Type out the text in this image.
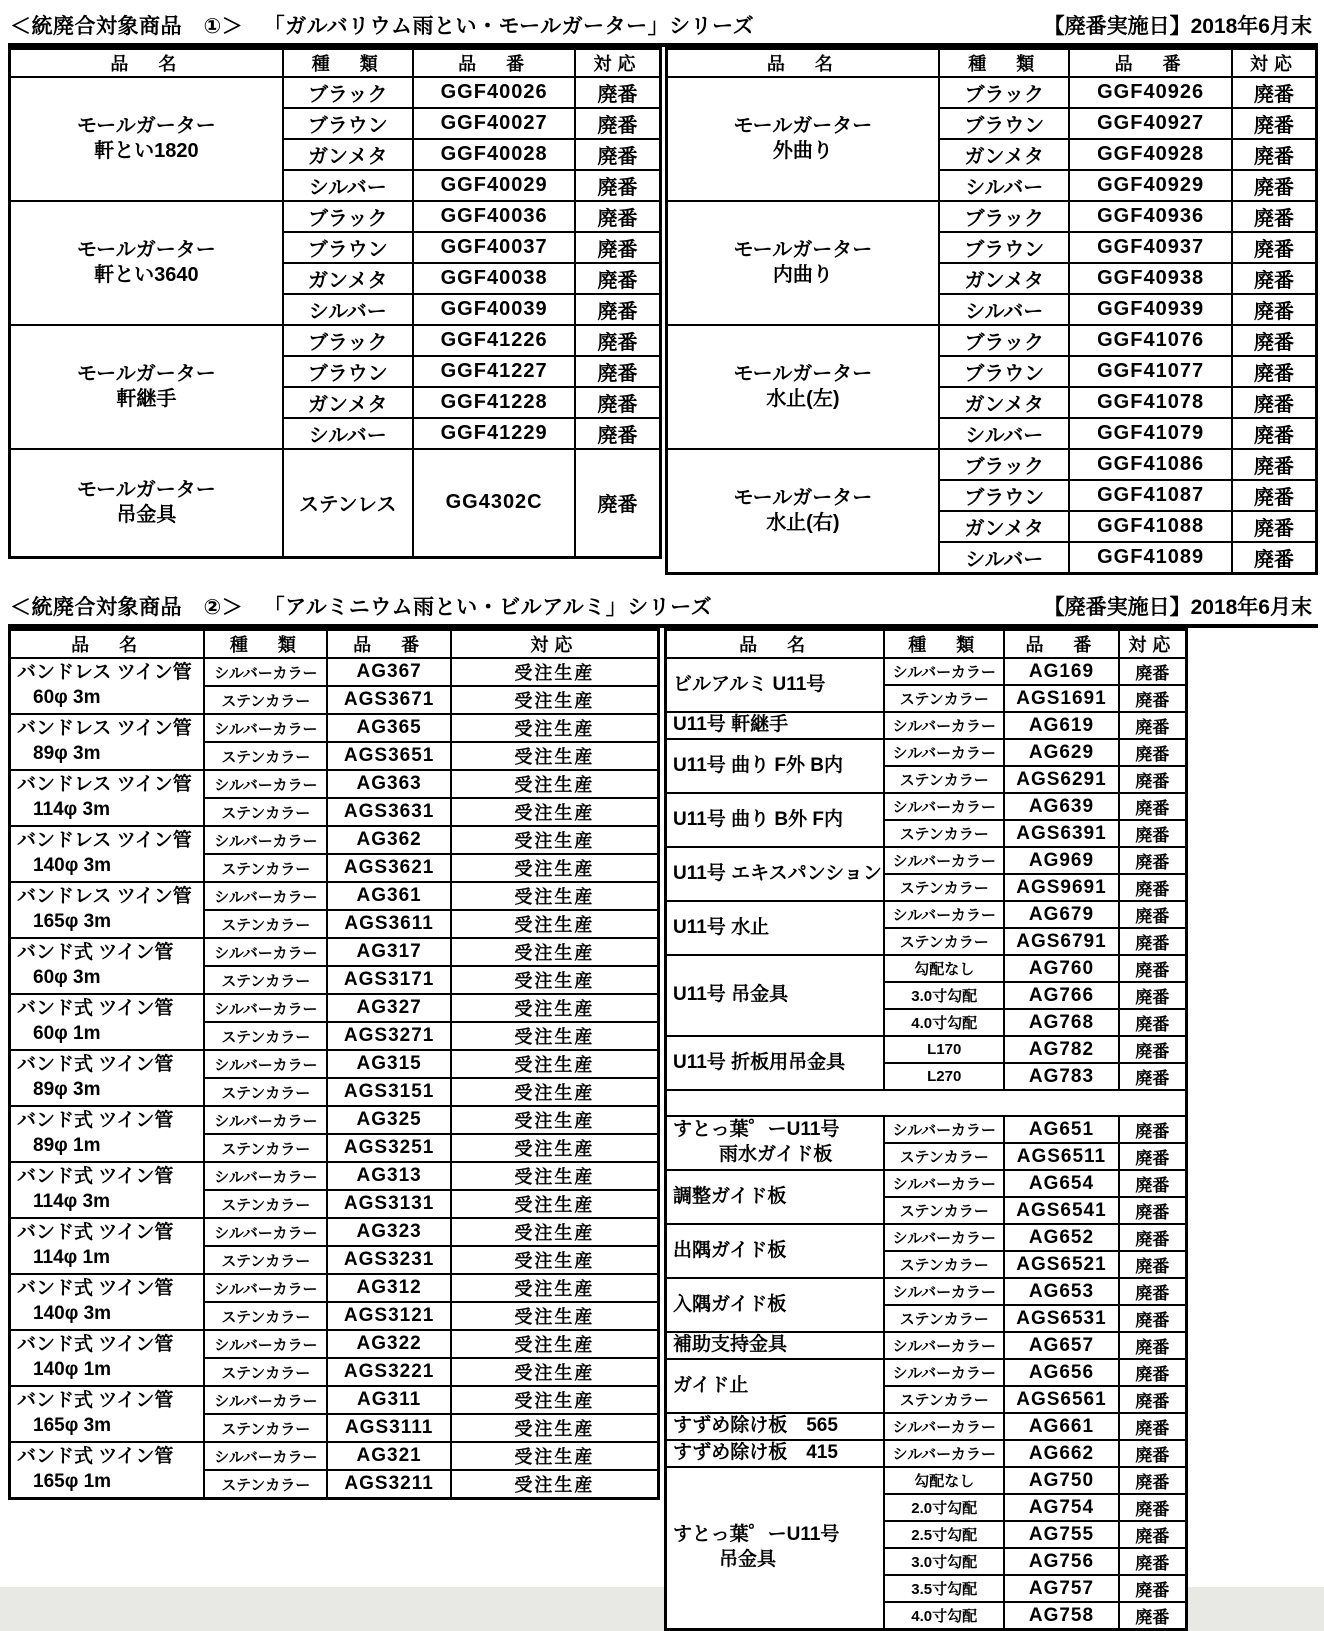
＜統廃合対象商品　①＞ 「ガルバリウム雨とい・モールガーター」シリーズ	【廃番実施日】2018年6月末
品　名	種　類	品　番	対応

モールガーター
軒とい1820	ブラック	GGF40026	廃番
	ブラウン	GGF40027	廃番
	ガンメタ	GGF40028	廃番
	シルバー	GGF40029	廃番

モールガーター
軒とい3640	ブラック	GGF40036	廃番
	ブラウン	GGF40037	廃番
	ガンメタ	GGF40038	廃番
	シルバー	GGF40039	廃番

モールガーター
軒継手	ブラック	GGF41226	廃番
	ブラウン	GGF41227	廃番
	ガンメタ	GGF41228	廃番
	シルバー	GGF41229	廃番

モールガーター
吊金具	ステンレス	GG4302C	廃番
品　名	種　類	品　番	対応

モールガーター
外曲り	ブラック	GGF40926	廃番
	ブラウン	GGF40927	廃番
	ガンメタ	GGF40928	廃番
	シルバー	GGF40929	廃番

モールガーター
内曲り	ブラック	GGF40936	廃番
	ブラウン	GGF40937	廃番
	ガンメタ	GGF40938	廃番
	シルバー	GGF40939	廃番

モールガーター
水止(左)	ブラック	GGF41076	廃番
	ブラウン	GGF41077	廃番
	ガンメタ	GGF41078	廃番
	シルバー	GGF41079	廃番

モールガーター
水止(右)	ブラック	GGF41086	廃番
	ブラウン	GGF41087	廃番
	ガンメタ	GGF41088	廃番
	シルバー	GGF41089	廃番
＜統廃合対象商品　②＞ 「アルミニウム雨とい・ビルアルミ」シリーズ	【廃番実施日】2018年6月末
品　名	種　類	品　番	対応

バンドレス ツイン管
60φ 3m	シルバーカラー	AG367	受注生産
	ステンカラー	AGS3671	受注生産

バンドレス ツイン管
89φ 3m	シルバーカラー	AG365	受注生産
	ステンカラー	AGS3651	受注生産

バンドレス ツイン管
114φ 3m	シルバーカラー	AG363	受注生産
	ステンカラー	AGS3631	受注生産

バンドレス ツイン管
140φ 3m	シルバーカラー	AG362	受注生産
	ステンカラー	AGS3621	受注生産

バンドレス ツイン管
165φ 3m	シルバーカラー	AG361	受注生産
	ステンカラー	AGS3611	受注生産

バンド式 ツイン管
60φ 3m	シルバーカラー	AG317	受注生産
	ステンカラー	AGS3171	受注生産

バンド式 ツイン管
60φ 1m	シルバーカラー	AG327	受注生産
	ステンカラー	AGS3271	受注生産

バンド式 ツイン管
89φ 3m	シルバーカラー	AG315	受注生産
	ステンカラー	AGS3151	受注生産

バンド式 ツイン管
89φ 1m	シルバーカラー	AG325	受注生産
	ステンカラー	AGS3251	受注生産

バンド式 ツイン管
114φ 3m	シルバーカラー	AG313	受注生産
	ステンカラー	AGS3131	受注生産

バンド式 ツイン管
114φ 1m	シルバーカラー	AG323	受注生産
	ステンカラー	AGS3231	受注生産

バンド式 ツイン管
140φ 3m	シルバーカラー	AG312	受注生産
	ステンカラー	AGS3121	受注生産

バンド式 ツイン管
140φ 1m	シルバーカラー	AG322	受注生産
	ステンカラー	AGS3221	受注生産

バンド式 ツイン管
165φ 3m	シルバーカラー	AG311	受注生産
	ステンカラー	AGS3111	受注生産

バンド式 ツイン管
165φ 1m	シルバーカラー	AG321	受注生産
	ステンカラー	AGS3211	受注生産
品　名	種　類	品　番	対応

ビルアルミ U11号	シルバーカラー	AG169	廃番
	ステンカラー	AGS1691	廃番

U11号 軒継手	シルバーカラー	AG619	廃番

U11号 曲り F外 B内	シルバーカラー	AG629	廃番
	ステンカラー	AGS6291	廃番

U11号 曲り B外 F内	シルバーカラー	AG639	廃番
	ステンカラー	AGS6391	廃番

U11号 エキスパンション	シルバーカラー	AG969	廃番
	ステンカラー	AGS9691	廃番

U11号 水止	シルバーカラー	AG679	廃番
	ステンカラー	AGS6791	廃番

U11号 吊金具	勾配なし	AG760	廃番
	3.0寸勾配	AG766	廃番
	4.0寸勾配	AG768	廃番

U11号 折板用吊金具	L170	AG782	廃番
	L270	AG783	廃番

すとっ葉゜ーU11号
雨水ガイド板	シルバーカラー	AG651	廃番
	ステンカラー	AGS6511	廃番

調整ガイド板	シルバーカラー	AG654	廃番
	ステンカラー	AGS6541	廃番

出隅ガイド板	シルバーカラー	AG652	廃番
	ステンカラー	AGS6521	廃番

入隅ガイド板	シルバーカラー	AG653	廃番
	ステンカラー	AGS6531	廃番

補助支持金具	シルバーカラー	AG657	廃番

ガイド止	シルバーカラー	AG656	廃番
	ステンカラー	AGS6561	廃番

すずめ除け板　565	シルバーカラー	AG661	廃番

すずめ除け板　415	シルバーカラー	AG662	廃番

すとっ葉゜ーU11号
吊金具	勾配なし	AG750	廃番
	2.0寸勾配	AG754	廃番
	2.5寸勾配	AG755	廃番
	3.0寸勾配	AG756	廃番
	3.5寸勾配	AG757	廃番
	4.0寸勾配	AG758	廃番
